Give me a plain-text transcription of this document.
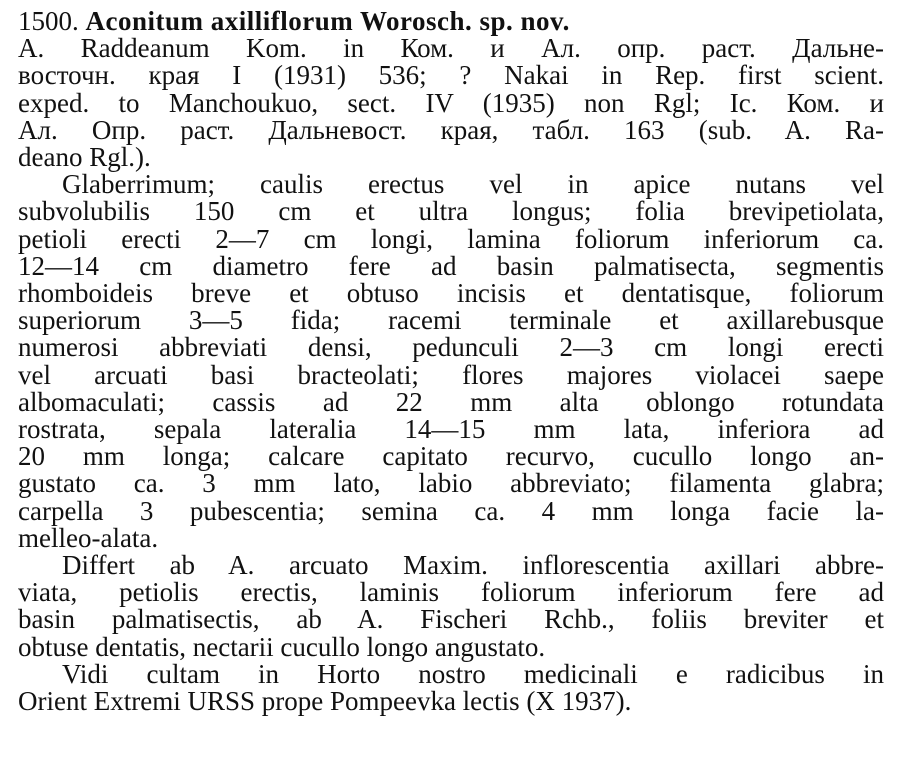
1500. Aconitum axilliflorum Worosch. sp. nov.
A. Raddeanum Kom. in Ком. и Ал. опр. раст. Дальне-
восточн. края I (1931) 536; ? Nakai in Rep. first scient.
exped. to Manchoukuo, sect. IV (1935) non Rgl; Ic. Ком. и
Ал. Опр. раст. Дальневост. края, табл. 163 (sub. A. Ra-
deano Rgl.).
Glaberrimum; caulis erectus vel in apice nutans vel
subvolubilis 150 cm et ultra longus; folia brevipetiolata,
petioli erecti 2—7 cm longi, lamina foliorum inferiorum ca.
12—14 cm diametro fere ad basin palmatisecta, segmentis
rhomboideis breve et obtuso incisis et dentatisque, foliorum
superiorum 3—5 fida; racemi terminale et axillarebusque
numerosi abbreviati densi, pedunculi 2—3 cm longi erecti
vel arcuati basi bracteolati; flores majores violacei saepe
albomaculati; cassis ad 22 mm alta oblongo rotundata
rostrata, sepala lateralia 14—15 mm lata, inferiora ad
20 mm longa; calcare capitato recurvo, cucullo longo an-
gustato ca. 3 mm lato, labio abbreviato; filamenta glabra;
carpella 3 pubescentia; semina ca. 4 mm longa facie la-
melleo-alata.
Differt ab A. arcuato Maxim. inflorescentia axillari abbre-
viata, petiolis erectis, laminis foliorum inferiorum fere ad
basin palmatisectis, ab A. Fischeri Rchb., foliis breviter et
obtuse dentatis, nectarii cucullo longo angustato.
Vidi cultam in Horto nostro medicinali e radicibus in
Orient Extremi URSS prope Pompeevka lectis (X 1937).
